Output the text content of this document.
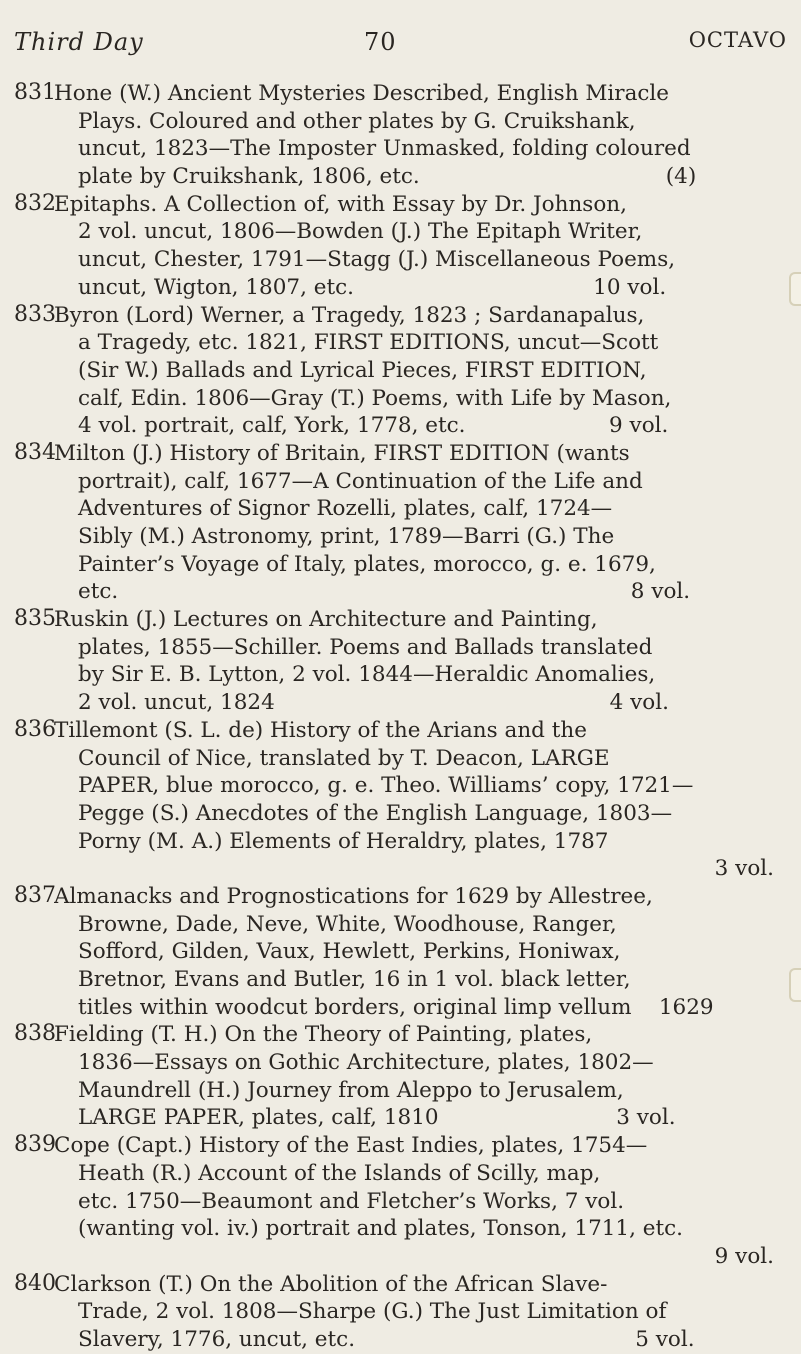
Third Day	70	OCTAVO
831
Hone (W.) Ancient Mysteries Described, English Miracle
Plays. Coloured and other plates by G. Cruikshank,
uncut, 1823—The Imposter Unmasked, folding coloured
plate by Cruikshank, 1806, etc.                                    (4)
832
Epitaphs. A Collection of, with Essay by Dr. Johnson,
2 vol. uncut, 1806—Bowden (J.) The Epitaph Writer,
uncut, Chester, 1791—Stagg (J.) Miscellaneous Poems,
uncut, Wigton, 1807, etc.                                   10 vol.
833
Byron (Lord) Werner, a Tragedy, 1823 ; Sardanapalus,
a Tragedy, etc. 1821, FIRST EDITIONS, uncut—Scott
(Sir W.) Ballads and Lyrical Pieces, FIRST EDITION,
calf, Edin. 1806—Gray (T.) Poems, with Life by Mason,
4 vol. portrait, calf, York, 1778, etc.                     9 vol.
834
Milton (J.) History of Britain, FIRST EDITION (wants
portrait), calf, 1677—A Continuation of the Life and
Adventures of Signor Rozelli, plates, calf, 1724—
Sibly (M.) Astronomy, print, 1789—Barri (G.) The
Painter’s Voyage of Italy, plates, morocco, g. e. 1679,
etc.                                                                           8 vol.
835
Ruskin (J.) Lectures on Architecture and Painting,
plates, 1855—Schiller. Poems and Ballads translated
by Sir E. B. Lytton, 2 vol. 1844—Heraldic Anomalies,
2 vol. uncut, 1824                                                 4 vol.
836
Tillemont (S. L. de) History of the Arians and the
Council of Nice, translated by T. Deacon, LARGE
PAPER, blue morocco, g. e. Theo. Williams’ copy, 1721—
Pegge (S.) Anecdotes of the English Language, 1803—
Porny (M. A.) Elements of Heraldry, plates, 1787
3 vol.
837
Almanacks and Prognostications for 1629 by Allestree,
Browne, Dade, Neve, White, Woodhouse, Ranger,
Sofford, Gilden, Vaux, Hewlett, Perkins, Honiwax,
Bretnor, Evans and Butler, 16 in 1 vol. black letter,
titles within woodcut borders, original limp vellum    1629
838
Fielding (T. H.) On the Theory of Painting, plates,
1836—Essays on Gothic Architecture, plates, 1802—
Maundrell (H.) Journey from Aleppo to Jerusalem,
LARGE PAPER, plates, calf, 1810                          3 vol.
839
Cope (Capt.) History of the East Indies, plates, 1754—
Heath (R.) Account of the Islands of Scilly, map,
etc. 1750—Beaumont and Fletcher’s Works, 7 vol.
(wanting vol. iv.) portrait and plates, Tonson, 1711, etc.
9 vol.
840
Clarkson (T.) On the Abolition of the African Slave-
Trade, 2 vol. 1808—Sharpe (G.) The Just Limitation of
Slavery, 1776, uncut, etc.                                         5 vol.
